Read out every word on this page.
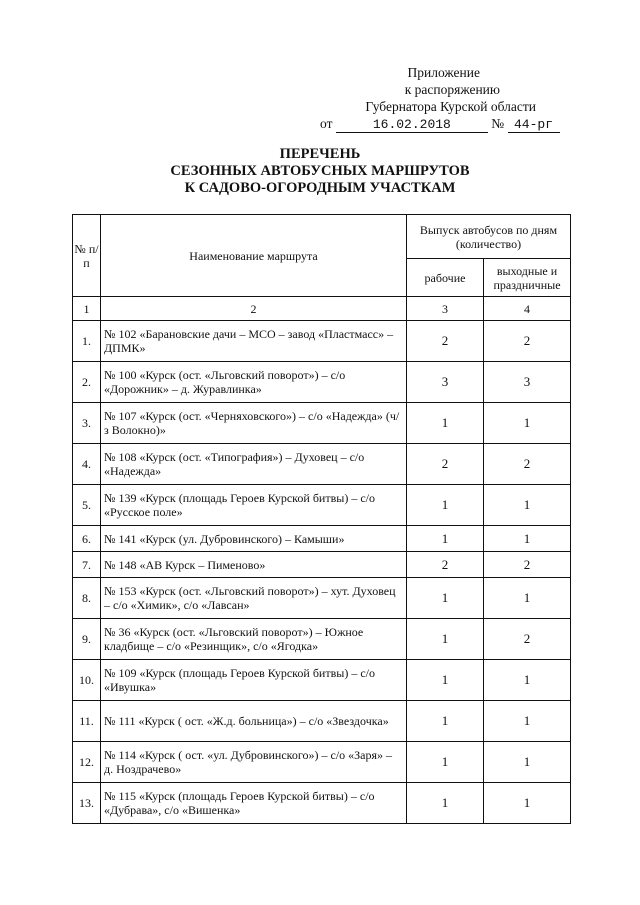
Приложение
к распоряжению
Губернатора Курской области
от	16.02.2018	№ 44-рг
ПЕРЕЧЕНЬ
СЕЗОННЫХ АВТОБУСНЫХ МАРШРУТОВ
К САДОВО-ОГОРОДНЫМ УЧАСТКАМ
№ п/п	Наименование маршрута	Выпуск автобусов по дням (количество)	
		рабочие	выходные и праздничные
1	2	3	4
1.	№ 102 «Барановские дачи – МСО – завод «Пластмасс» – ДПМК»	2	2
2.	№ 100 «Курск (ост. «Льговский поворот») – с/о «Дорожник» – д. Журавлинка»	3	3
3.	№ 107 «Курск (ост. «Черняховского») – с/о «Надежда» (ч/з Волокно)»	1	1
4.	№ 108 «Курск (ост. «Типография») – Духовец – с/о «Надежда»	2	2
5.	№ 139 «Курск (площадь Героев Курской битвы) – с/о «Русское поле»	1	1
6.	№ 141 «Курск (ул. Дубровинского) – Камыши»	1	1
7.	№ 148 «АВ Курск – Пименово»	2	2
8.	№ 153 «Курск (ост. «Льговский поворот») – хут. Духовец – с/о «Химик», с/о «Лавсан»	1	1
9.	№ 36 «Курск (ост. «Льговский поворот») – Южное кладбище – с/о «Резинщик», с/о «Ягодка»	1	2
10.	№ 109 «Курск (площадь Героев Курской битвы) – с/о «Ивушка»	1	1
11.	№ 111 «Курск ( ост. «Ж.д. больница») – с/о «Звездочка»	1	1
12.	№ 114 «Курск ( ост. «ул. Дубровинского») – с/о «Заря» – д. Ноздрачево»	1	1
13.	№ 115 «Курск (площадь Героев Курской битвы) – с/о «Дубрава», с/о «Вишенка»	1	1
